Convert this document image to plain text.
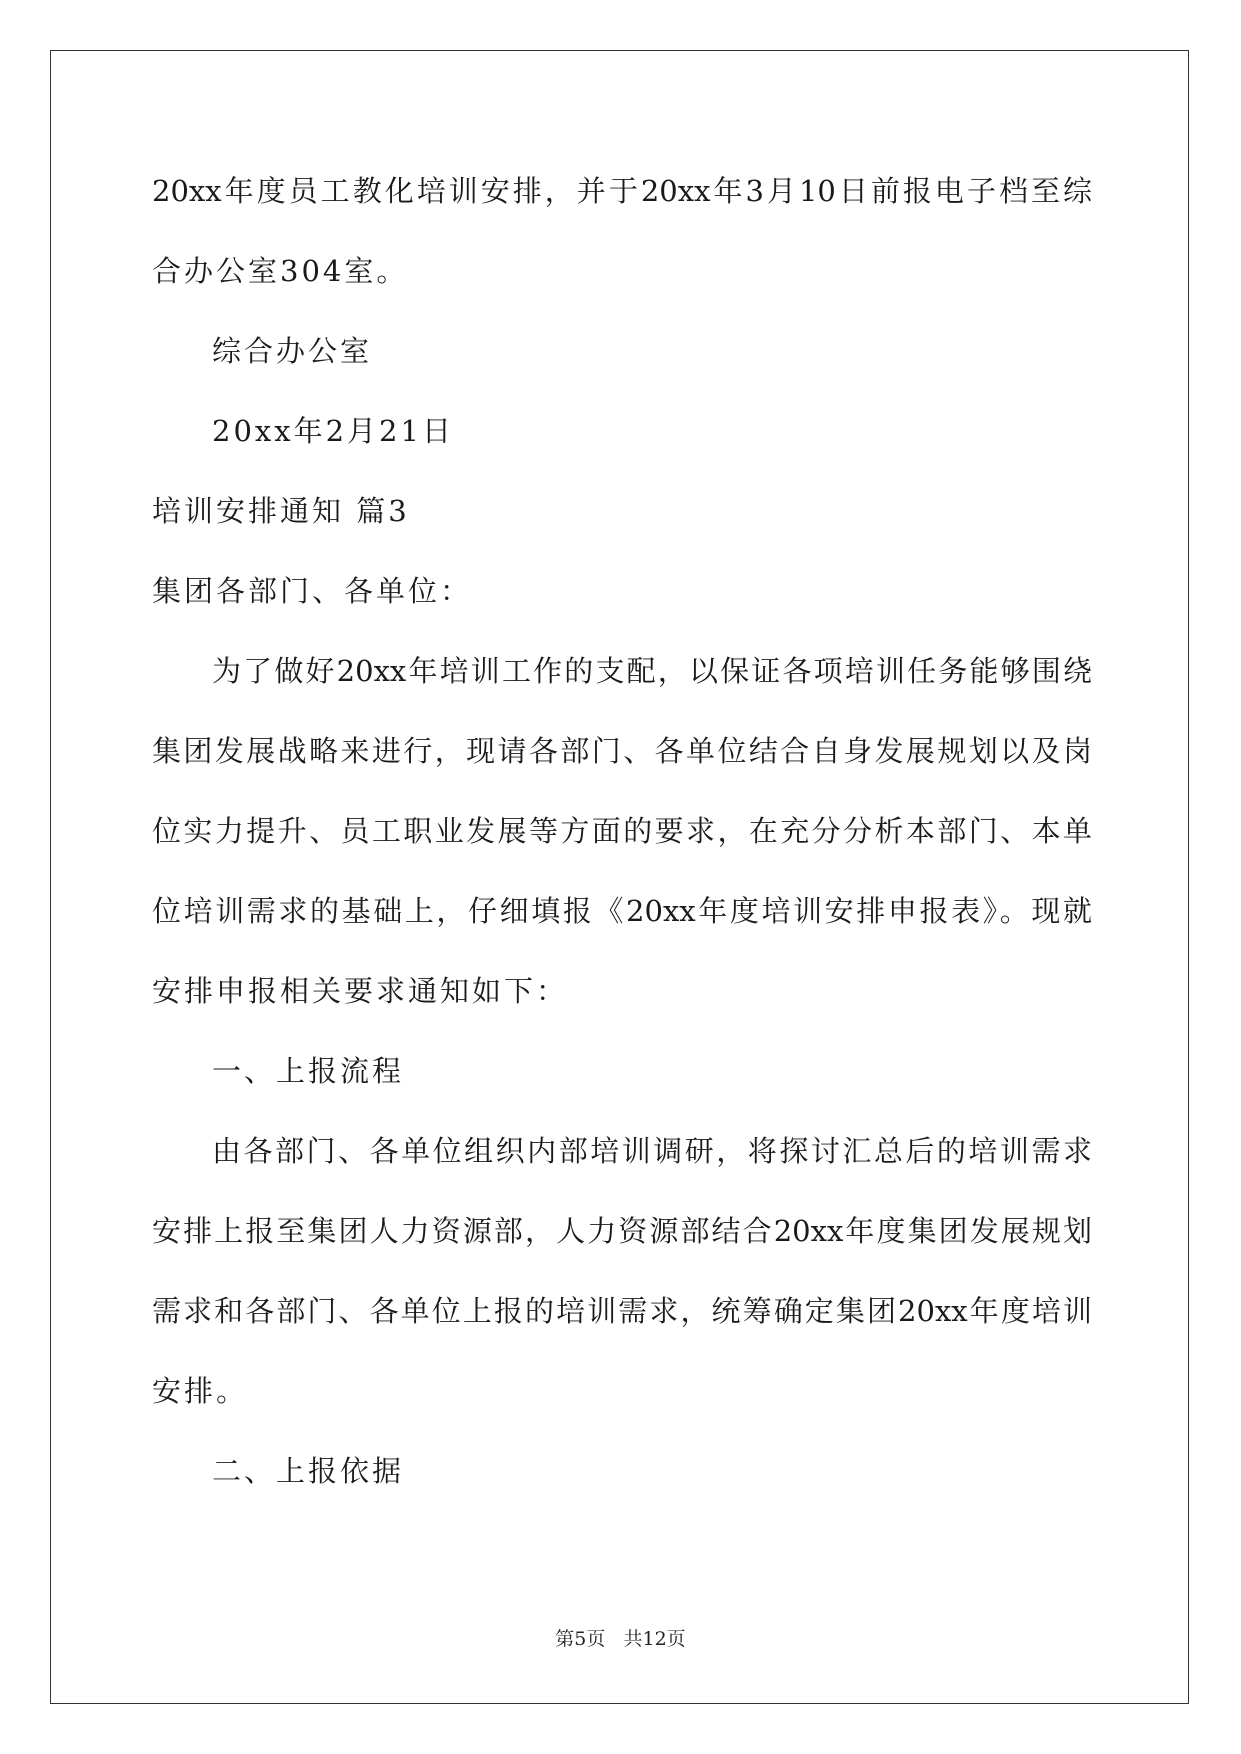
20xx年度员工教化培训安排，并于20xx年3月10日前报电子档至综
合办公室304室。
综合办公室
20xx年2月21日
培训安排通知 篇3
集团各部门、各单位：
为了做好20xx年培训工作的支配，以保证各项培训任务能够围绕
集团发展战略来进行，现请各部门、各单位结合自身发展规划以及岗
位实力提升、员工职业发展等方面的要求，在充分分析本部门、本单
位培训需求的基础上，仔细填报《20xx年度培训安排申报表》。现就
安排申报相关要求通知如下：
一、上报流程
由各部门、各单位组织内部培训调研，将探讨汇总后的培训需求
安排上报至集团人力资源部，人力资源部结合20xx年度集团发展规划
需求和各部门、各单位上报的培训需求，统筹确定集团20xx年度培训
安排。
二、上报依据
第5页   共12页
